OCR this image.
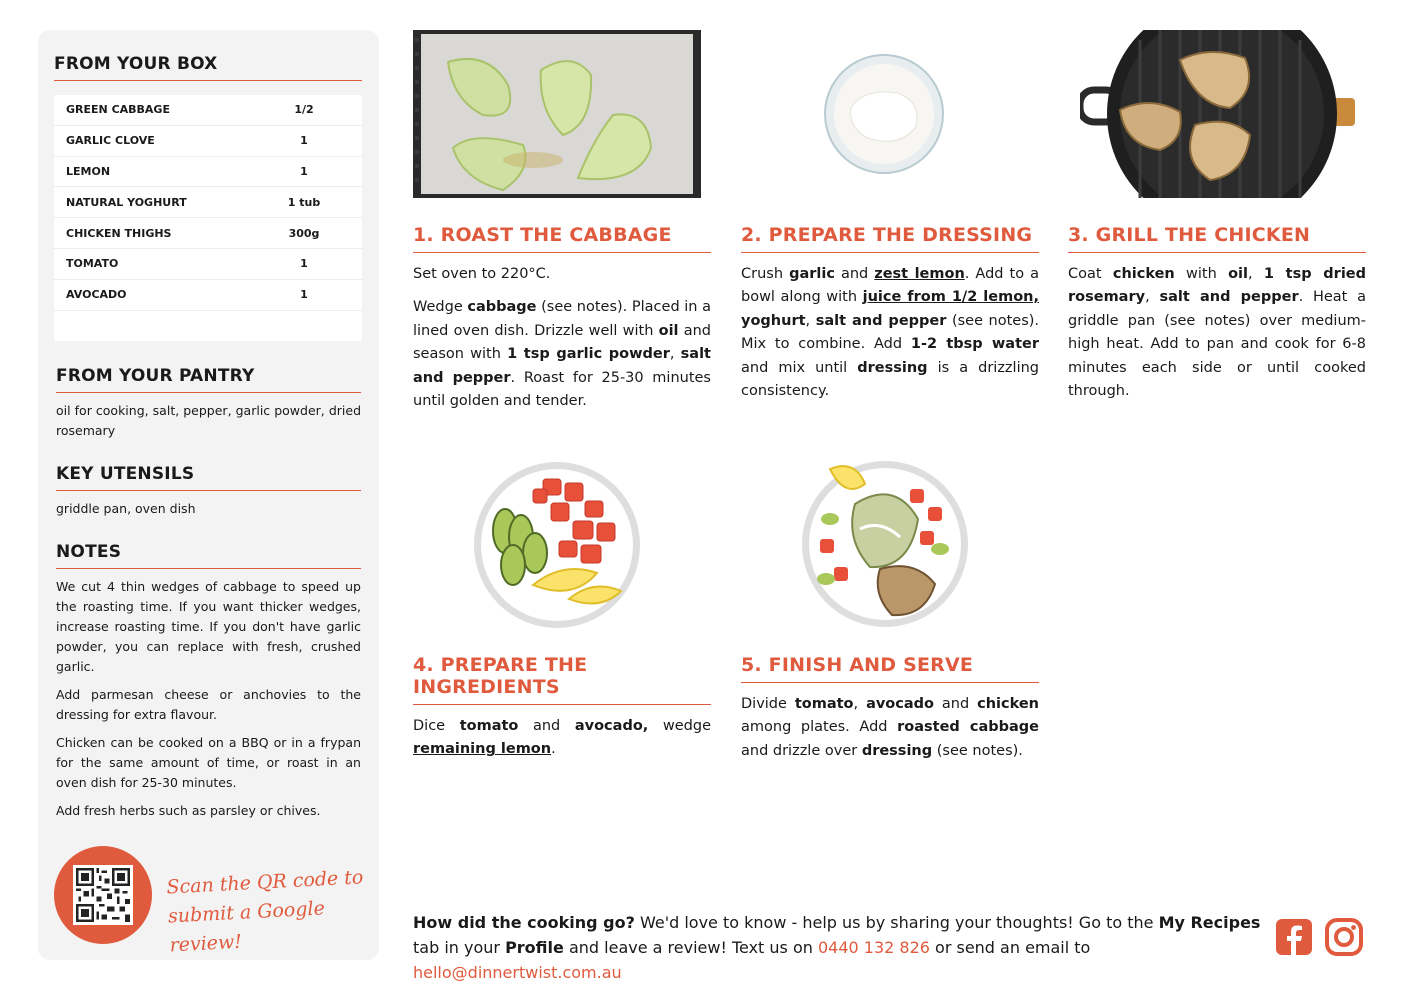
FROM YOUR BOX
GREEN CABBAGE	1/2
GARLIC CLOVE	1
LEMON	1
NATURAL YOGHURT	1 tub
CHICKEN THIGHS	300g
TOMATO	1
AVOCADO	1
FROM YOUR PANTRY
oil for cooking, salt, pepper, garlic powder, dried rosemary
KEY UTENSILS
griddle pan, oven dish
NOTES

We cut 4 thin wedges of cabbage to speed up the roasting time. If you want thicker wedges, increase roasting time. If you don't have garlic powder, you can replace with fresh, crushed garlic.

Add parmesan cheese or anchovies to the dressing for extra flavour.

Chicken can be cooked on a BBQ or in a frypan for the same amount of time, or roast in an oven dish for 25-30 minutes.

Add fresh herbs such as parsley or chives.

Scan the QR code to
submit a Google review!
1. ROAST THE CABBAGE

Set oven to 220°C.

Wedge cabbage (see notes). Placed in a lined oven dish. Drizzle well with oil and season with 1 tsp garlic powder, salt and pepper. Roast for 25-30 minutes until golden and tender.

2. PREPARE THE DRESSING

Crush garlic and zest lemon. Add to a bowl along with juice from 1/2 lemon, yoghurt, salt and pepper (see notes). Mix to combine. Add 1-2 tbsp water and mix until dressing is a drizzling consistency.

3. GRILL THE CHICKEN

Coat chicken with oil, 1 tsp dried rosemary, salt and pepper. Heat a griddle pan (see notes) over medium-high heat. Add to pan and cook for 6-8 minutes each side or until cooked through.

4. PREPARE THE INGREDIENTS

Dice tomato and avocado, wedge remaining lemon.

5. FINISH AND SERVE

Divide tomato, avocado and chicken among plates. Add roasted cabbage and drizzle over dressing (see notes).

How did the cooking go? We'd love to know - help us by sharing your thoughts! Go to the My Recipes tab in your Profile and leave a review! Text us on 0440 132 826 or send an email to hello@dinnertwist.com.au
